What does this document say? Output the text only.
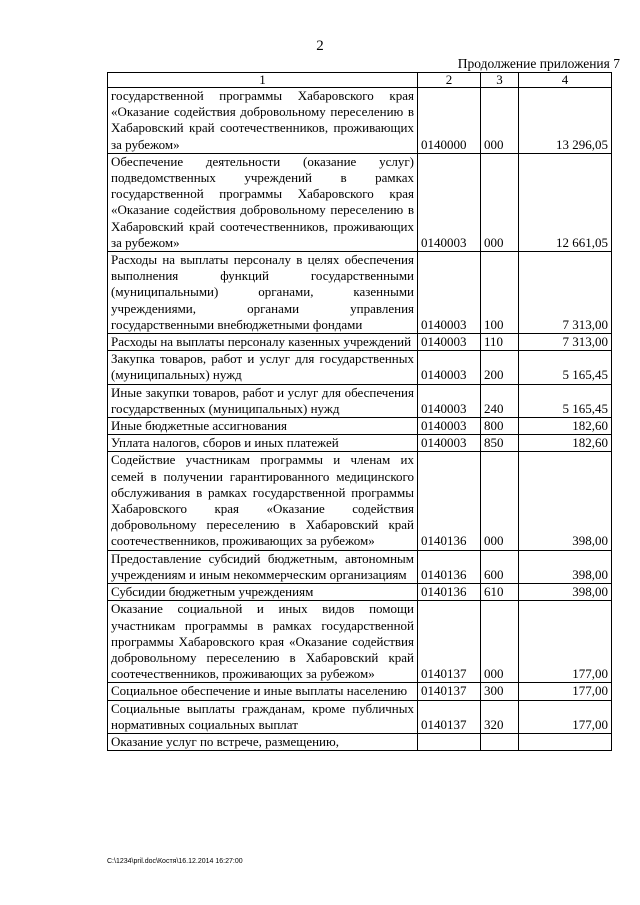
2
Продолжение приложения 7
1	2	3	4
государственной программы Хабаровского края «Оказание содействия добровольному переселению в Хабаровский край соотечественников, проживающих за рубежом»	0140000	000	13 296,05
Обеспечение деятельности (оказание услуг) подведомственных учреждений в рамках государственной программы Хабаровского края «Оказание содействия добровольному переселению в Хабаровский край соотечественников, проживающих за рубежом»	0140003	000	12 661,05
Расходы на выплаты персоналу в целях обеспечения выполнения функций государственными (муниципальными) органами, казенными учреждениями, органами управления государственными внебюджетными фондами	0140003	100	7 313,00
Расходы на выплаты персоналу казенных учреждений	0140003	110	7 313,00
Закупка товаров, работ и услуг для государственных (муниципальных) нужд	0140003	200	5 165,45
Иные закупки товаров, работ и услуг для обеспечения государственных (муниципальных) нужд	0140003	240	5 165,45
Иные бюджетные ассигнования	0140003	800	182,60
Уплата налогов, сборов и иных платежей	0140003	850	182,60
Содействие участникам программы и членам их семей в получении гарантированного медицинского обслуживания в рамках государственной программы Хабаровского края «Оказание содействия добровольному переселению в Хабаровский край соотечественников, проживающих за рубежом»	0140136	000	398,00
Предоставление субсидий бюджетным, автономным учреждениям и иным некоммерческим организациям	0140136	600	398,00
Субсидии бюджетным учреждениям	0140136	610	398,00
Оказание социальной и иных видов помощи участникам программы в рамках государственной программы Хабаровского края «Оказание содействия добровольному переселению в Хабаровский край соотечественников, проживающих за рубежом»	0140137	000	177,00
Социальное обеспечение и иные выплаты населению	0140137	300	177,00
Социальные выплаты гражданам, кроме публичных нормативных социальных выплат	0140137	320	177,00
Оказание услуг по встрече, размещению,			
C:\1234\pril.doc\Костя\16.12.2014 16:27:00
